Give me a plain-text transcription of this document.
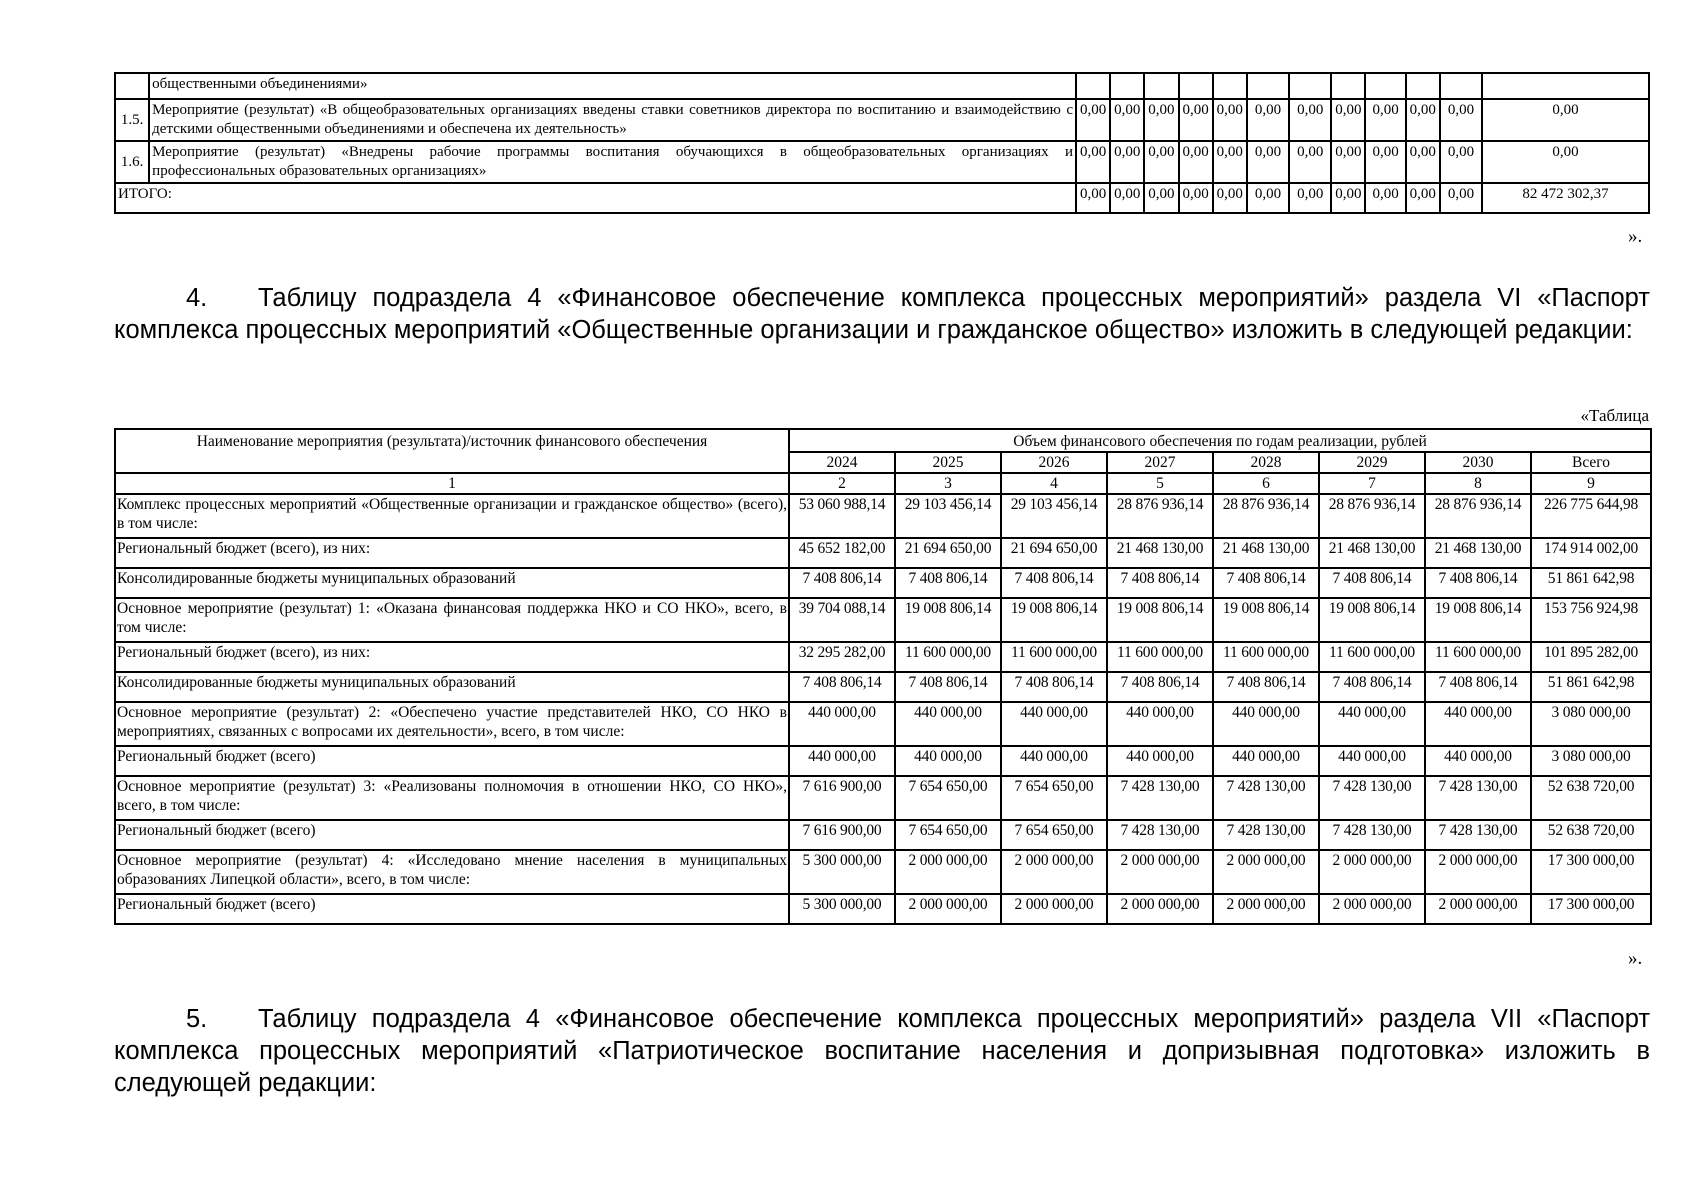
	общественными объединениями»												
1.5.	Мероприятие (результат) «В общеобразовательных организациях введены ставки советников директора по воспитанию и взаимодействию с детскими общественными объединениями и обеспечена их деятельность»	0,00	0,00	0,00	0,00	0,00	0,00	0,00	0,00	0,00	0,00	0,00	0,00
1.6.	Мероприятие (результат) «Внедрены рабочие программы воспитания обучающихся в общеобразовательных организациях и профессиональных образовательных организациях»	0,00	0,00	0,00	0,00	0,00	0,00	0,00	0,00	0,00	0,00	0,00	0,00
ИТОГО:		0,00	0,00	0,00	0,00	0,00	0,00	0,00	0,00	0,00	0,00	0,00	82 472 302,37
».
4. Таблицу подраздела 4 «Финансовое обеспечение комплекса процессных мероприятий» раздела VI «Паспорт комплекса процессных мероприятий «Общественные организации и гражданское общество» изложить в следующей редакции:
«Таблица
Наименование мероприятия (результата)/источник финансового обеспечения	Объем финансового обеспечения по годам реализации, рублей							
	2024	2025	2026	2027	2028	2029	2030	Всего
1	2	3	4	5	6	7	8	9
Комплекс процессных мероприятий «Общественные организации и гражданское общество» (всего), в том числе:	53 060 988,14	29 103 456,14	29 103 456,14	28 876 936,14	28 876 936,14	28 876 936,14	28 876 936,14	226 775 644,98
Региональный бюджет (всего), из них:	45 652 182,00	21 694 650,00	21 694 650,00	21 468 130,00	21 468 130,00	21 468 130,00	21 468 130,00	174 914 002,00
Консолидированные бюджеты муниципальных образований	7 408 806,14	7 408 806,14	7 408 806,14	7 408 806,14	7 408 806,14	7 408 806,14	7 408 806,14	51 861 642,98
Основное мероприятие (результат) 1: «Оказана финансовая поддержка НКО и СО НКО», всего, в том числе:	39 704 088,14	19 008 806,14	19 008 806,14	19 008 806,14	19 008 806,14	19 008 806,14	19 008 806,14	153 756 924,98
Региональный бюджет (всего), из них:	32 295 282,00	11 600 000,00	11 600 000,00	11 600 000,00	11 600 000,00	11 600 000,00	11 600 000,00	101 895 282,00
Консолидированные бюджеты муниципальных образований	7 408 806,14	7 408 806,14	7 408 806,14	7 408 806,14	7 408 806,14	7 408 806,14	7 408 806,14	51 861 642,98
Основное мероприятие (результат) 2: «Обеспечено участие представителей НКО, СО НКО в мероприятиях, связанных с вопросами их деятельности», всего, в том числе:	440 000,00	440 000,00	440 000,00	440 000,00	440 000,00	440 000,00	440 000,00	3 080 000,00
Региональный бюджет (всего)	440 000,00	440 000,00	440 000,00	440 000,00	440 000,00	440 000,00	440 000,00	3 080 000,00
Основное мероприятие (результат) 3: «Реализованы полномочия в отношении НКО, СО НКО», всего, в том числе:	7 616 900,00	7 654 650,00	7 654 650,00	7 428 130,00	7 428 130,00	7 428 130,00	7 428 130,00	52 638 720,00
Региональный бюджет (всего)	7 616 900,00	7 654 650,00	7 654 650,00	7 428 130,00	7 428 130,00	7 428 130,00	7 428 130,00	52 638 720,00
Основное мероприятие (результат) 4: «Исследовано мнение населения в муниципальных образованиях Липецкой области», всего, в том числе:	5 300 000,00	2 000 000,00	2 000 000,00	2 000 000,00	2 000 000,00	2 000 000,00	2 000 000,00	17 300 000,00
Региональный бюджет (всего)	5 300 000,00	2 000 000,00	2 000 000,00	2 000 000,00	2 000 000,00	2 000 000,00	2 000 000,00	17 300 000,00
».
5. Таблицу подраздела 4 «Финансовое обеспечение комплекса процессных мероприятий» раздела VII «Паспорт комплекса процессных мероприятий «Патриотическое воспитание населения и допризывная подготовка» изложить в следующей редакции:
